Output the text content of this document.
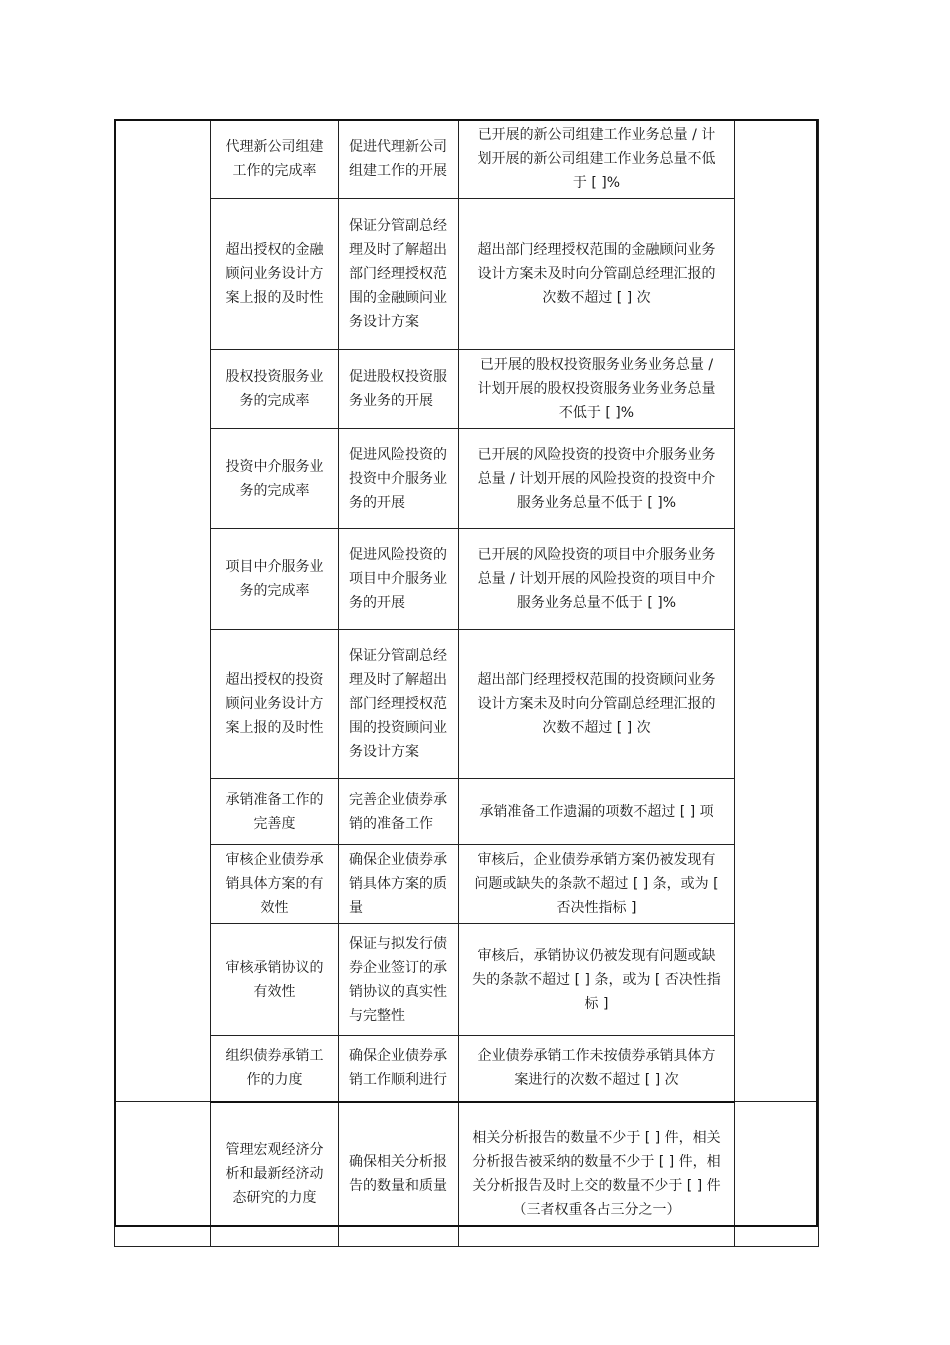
	代理新公司组建工作的完成率	促进代理新公司组建工作的开展	已开展的新公司组建工作业务总量 / 计划开展的新公司组建工作业务总量不低于 [ ]%	
	超出授权的金融顾问业务设计方案上报的及时性	保证分管副总经理及时了解超出部门经理授权范围的金融顾问业务设计方案	超出部门经理授权范围的金融顾问业务设计方案未及时向分管副总经理汇报的次数不超过 [ ] 次	
	股权投资服务业务的完成率	促进股权投资服务业务的开展	已开展的股权投资服务业务业务总量 / 计划开展的股权投资服务业务业务总量不低于 [ ]%	
	投资中介服务业务的完成率	促进风险投资的投资中介服务业务的开展	已开展的风险投资的投资中介服务业务总量 / 计划开展的风险投资的投资中介服务业务总量不低于 [ ]%	
	项目中介服务业务的完成率	促进风险投资的项目中介服务业务的开展	已开展的风险投资的项目中介服务业务总量 / 计划开展的风险投资的项目中介服务业务总量不低于 [ ]%	
	超出授权的投资顾问业务设计方案上报的及时性	保证分管副总经理及时了解超出部门经理授权范围的投资顾问业务设计方案	超出部门经理授权范围的投资顾问业务设计方案未及时向分管副总经理汇报的次数不超过 [ ] 次	
	承销准备工作的完善度	完善企业债券承销的准备工作	承销准备工作遗漏的项数不超过 [ ] 项	
	审核企业债券承销具体方案的有效性	确保企业债券承销具体方案的质量	审核后，企业债券承销方案仍被发现有问题或缺失的条款不超过 [ ] 条，或为 [ 否决性指标 ]	
	审核承销协议的有效性	保证与拟发行债券企业签订的承销协议的真实性与完整性	审核后，承销协议仍被发现有问题或缺失的条款不超过 [ ] 条，或为 [ 否决性指标 ]	
	组织债券承销工作的力度	确保企业债券承销工作顺利进行	企业债券承销工作未按债券承销具体方案进行的次数不超过 [ ] 次	
	管理宏观经济分析和最新经济动态研究的力度	确保相关分析报告的数量和质量	相关分析报告的数量不少于 [ ] 件，相关分析报告被采纳的数量不少于 [ ] 件，相关分析报告及时上交的数量不少于 [ ] 件（三者权重各占三分之一）	
